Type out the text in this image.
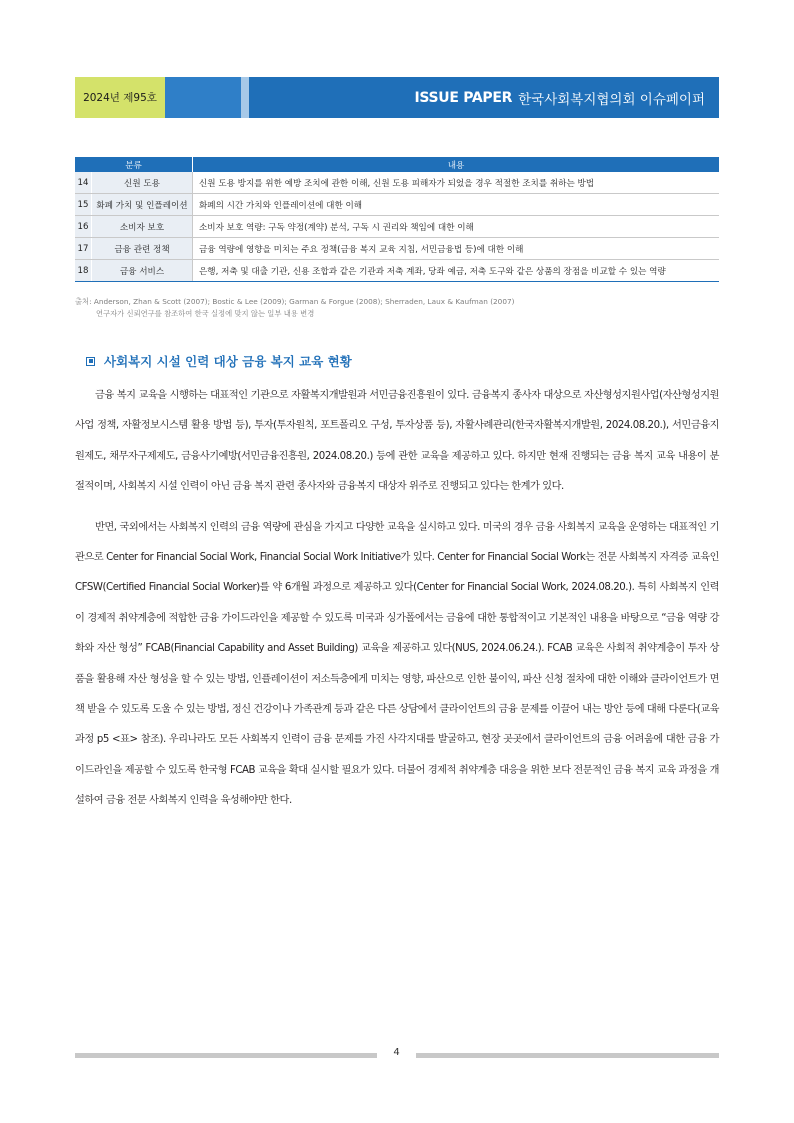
2024년 제95호	ISSUE PAPER 한국사회복지협의회 이슈페이퍼
분류		내용
14	신원 도용	신원 도용 방지를 위한 예방 조치에 관한 이해, 신원 도용 피해자가 되었을 경우 적절한 조치를 취하는 방법
15	화폐 가치 및 인플레이션	화폐의 시간 가치와 인플레이션에 대한 이해
16	소비자 보호	소비자 보호 역량: 구독 약정(계약) 분석, 구독 시 권리와 책임에 대한 이해
17	금융 관련 정책	금융 역량에 영향을 미치는 주요 정책(금융 복지 교육 지침, 서민금융법 등)에 대한 이해
18	금융 서비스	은행, 저축 및 대출 기관, 신용 조합과 같은 기관과 저축 계좌, 당좌 예금, 저축 도구와 같은 상품의 장점을 비교할 수 있는 역량
출처: Anderson, Zhan & Scott (2007); Bostic & Lee (2009); Garman & Forgue (2008); Sherraden, Laux & Kaufman (2007)
연구자가 신뢰연구를 참조하여 한국 실정에 맞지 않는 일부 내용 변경
사회복지 시설 인력 대상 금융 복지 교육 현황

금융 복지 교육을 시행하는 대표적인 기관으로 자활복지개발원과 서민금융진흥원이 있다. 금융복지 종사자 대상으로 자산형성지원사업(자산형성지원사업 정책, 자활정보시스템 활용 방법 등), 투자(투자원칙, 포트폴리오 구성, 투자상품 등), 자활사례관리(한국자활복지개발원, 2024.08.20.), 서민금융지원제도, 채무자구제제도, 금융사기예방(서민금융진흥원, 2024.08.20.) 등에 관한 교육을 제공하고 있다. 하지만 현재 진행되는 금융 복지 교육 내용이 분절적이며, 사회복지 시설 인력이 아닌 금융 복지 관련 종사자와 금융복지 대상자 위주로 진행되고 있다는 한계가 있다.

반면, 국외에서는 사회복지 인력의 금융 역량에 관심을 가지고 다양한 교육을 실시하고 있다. 미국의 경우 금융 사회복지 교육을 운영하는 대표적인 기관으로 Center for Financial Social Work, Financial Social Work Initiative가 있다. Center for Financial Social Work는 전문 사회복지 자격증 교육인 CFSW(Certified Financial Social Worker)를 약 6개월 과정으로 제공하고 있다(Center for Financial Social Work, 2024.08.20.). 특히 사회복지 인력이 경제적 취약계층에 적합한 금융 가이드라인을 제공할 수 있도록 미국과 싱가폴에서는 금융에 대한 통합적이고 기본적인 내용을 바탕으로 “금융 역량 강화와 자산 형성” FCAB(Financial Capability and Asset Building) 교육을 제공하고 있다(NUS, 2024.06.24.). FCAB 교육은 사회적 취약계층이 투자 상품을 활용해 자산 형성을 할 수 있는 방법, 인플레이션이 저소득층에게 미치는 영향, 파산으로 인한 불이익, 파산 신청 절차에 대한 이해와 클라이언트가 면책 받을 수 있도록 도울 수 있는 방법, 정신 건강이나 가족관계 등과 같은 다른 상담에서 클라이언트의 금융 문제를 이끌어 내는 방안 등에 대해 다룬다(교육과정 p5 <표> 참조). 우리나라도 모든 사회복지 인력이 금융 문제를 가진 사각지대를 발굴하고, 현장 곳곳에서 클라이언트의 금융 어려움에 대한 금융 가이드라인을 제공할 수 있도록 한국형 FCAB 교육을 확대 실시할 필요가 있다. 더불어 경제적 취약계층 대응을 위한 보다 전문적인 금융 복지 교육 과정을 개설하여 금융 전문 사회복지 인력을 육성해야만 한다.

4
